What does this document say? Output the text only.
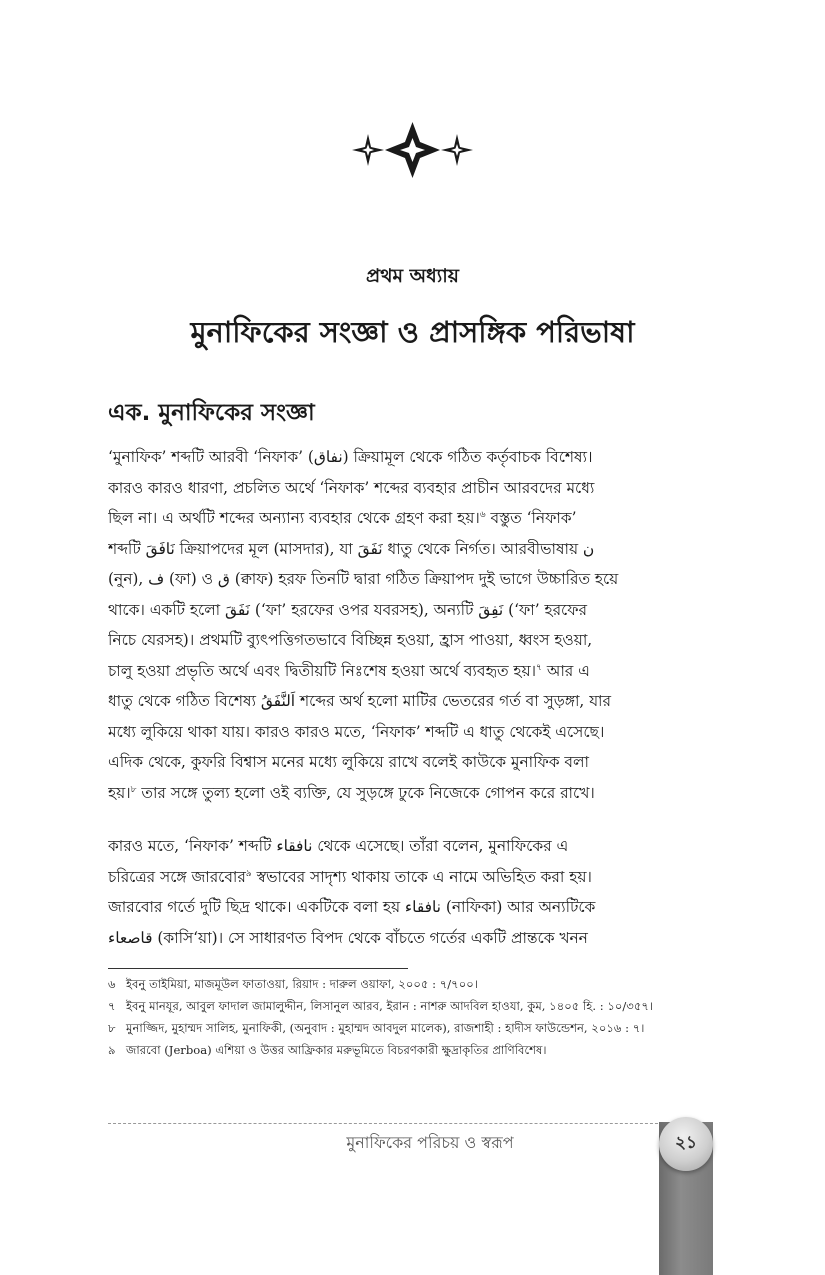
প্রথম অধ্যায়
মুনাফিকের সংজ্ঞা ও প্রাসঙ্গিক পরিভাষা
এক. মুনাফিকের সংজ্ঞা
‘মুনাফিক’ শব্দটি আরবী ‘নিফাক’ (نفاق) ক্রিয়ামূল থেকে গঠিত কর্তৃবাচক বিশেষ্য।
কারও কারও ধারণা, প্রচলিত অর্থে ‘নিফাক’ শব্দের ব্যবহার প্রাচীন আরবদের মধ্যে
ছিল না। এ অর্থটি শব্দের অন্যান্য ব্যবহার থেকে গ্রহণ করা হয়।$^৬$ বস্তুত ‘নিফাক’
শব্দটি نَافَقَ ক্রিয়াপদের মূল (মাসদার), যা نَفَقَ ধাতু থেকে নির্গত। আরবীভাষায় ن
(নুন), ف (ফা) ও ق (ক্বাফ) হরফ তিনটি দ্বারা গঠিত ক্রিয়াপদ দুই ভাগে উচ্চারিত হয়ে
থাকে। একটি হলো نَفَقَ (‘ফা’ হরফের ওপর যবরসহ), অন্যটি نَفِقَ (‘ফা’ হরফের
নিচে যেরসহ)। প্রথমটি ব্যুৎপত্তিগতভাবে বিচ্ছিন্ন হওয়া, হ্রাস পাওয়া, ধ্বংস হওয়া,
চালু হওয়া প্রভৃতি অর্থে এবং দ্বিতীয়টি নিঃশেষ হওয়া অর্থে ব্যবহৃত হয়।$^৭$ আর এ
ধাতু থেকে গঠিত বিশেষ্য اَلنَّفَقُ শব্দের অর্থ হলো মাটির ভেতরের গর্ত বা সুড়ঙ্গা, যার
মধ্যে লুকিয়ে থাকা যায়। কারও কারও মতে, ‘নিফাক’ শব্দটি এ ধাতু থেকেই এসেছে।
এদিক থেকে, কুফরি বিশ্বাস মনের মধ্যে লুকিয়ে রাখে বলেই কাউকে মুনাফিক বলা
হয়।$^৮$ তার সঙ্গে তুল্য হলো ওই ব্যক্তি, যে সুড়ঙ্গে ঢুকে নিজেকে গোপন করে রাখে।
কারও মতে, ‘নিফাক’ শব্দটি نافقاء থেকে এসেছে। তাঁরা বলেন, মুনাফিকের এ
চরিত্রের সঙ্গে জারবোর$^৯$ স্বভাবের সাদৃশ্য থাকায় তাকে এ নামে অভিহিত করা হয়।
জারবোর গর্তে দুটি ছিদ্র থাকে। একটিকে বলা হয় نافقاء (নাফিকা) আর অন্যটিকে
قاصعاء (কাসি‘য়া)। সে সাধারণত বিপদ থেকে বাঁচতে গর্তের একটি প্রান্তকে খনন
৬ ইবনু তাইমিয়া, মাজমূউল ফাতাওয়া, রিয়াদ : দারুল ওয়াফা, ২০০৫ : ৭/৭০০।
৭ ইবনু মানযূর, আবুল ফাদাল জামালুদ্দীন, লিসানুল আরব, ইরান : নাশরু আদবিল হাওযা, কুম, ১৪০৫ হি. : ১০/৩৫৭।
৮ মুনাজ্জিদ, মুহাম্মদ সালিহ, মুনাফিকী, (অনুবাদ : মুহাম্মদ আবদুল মালেক), রাজশাহী : হাদীস ফাউন্ডেশন, ২০১৬ : ৭।
৯ জারবো (Jerboa) এশিয়া ও উত্তর আফ্রিকার মরুভূমিতে বিচরণকারী ক্ষুদ্রাকৃতির প্রাণিবিশেষ।
মুনাফিকের পরিচয় ও স্বরূপ	২১
